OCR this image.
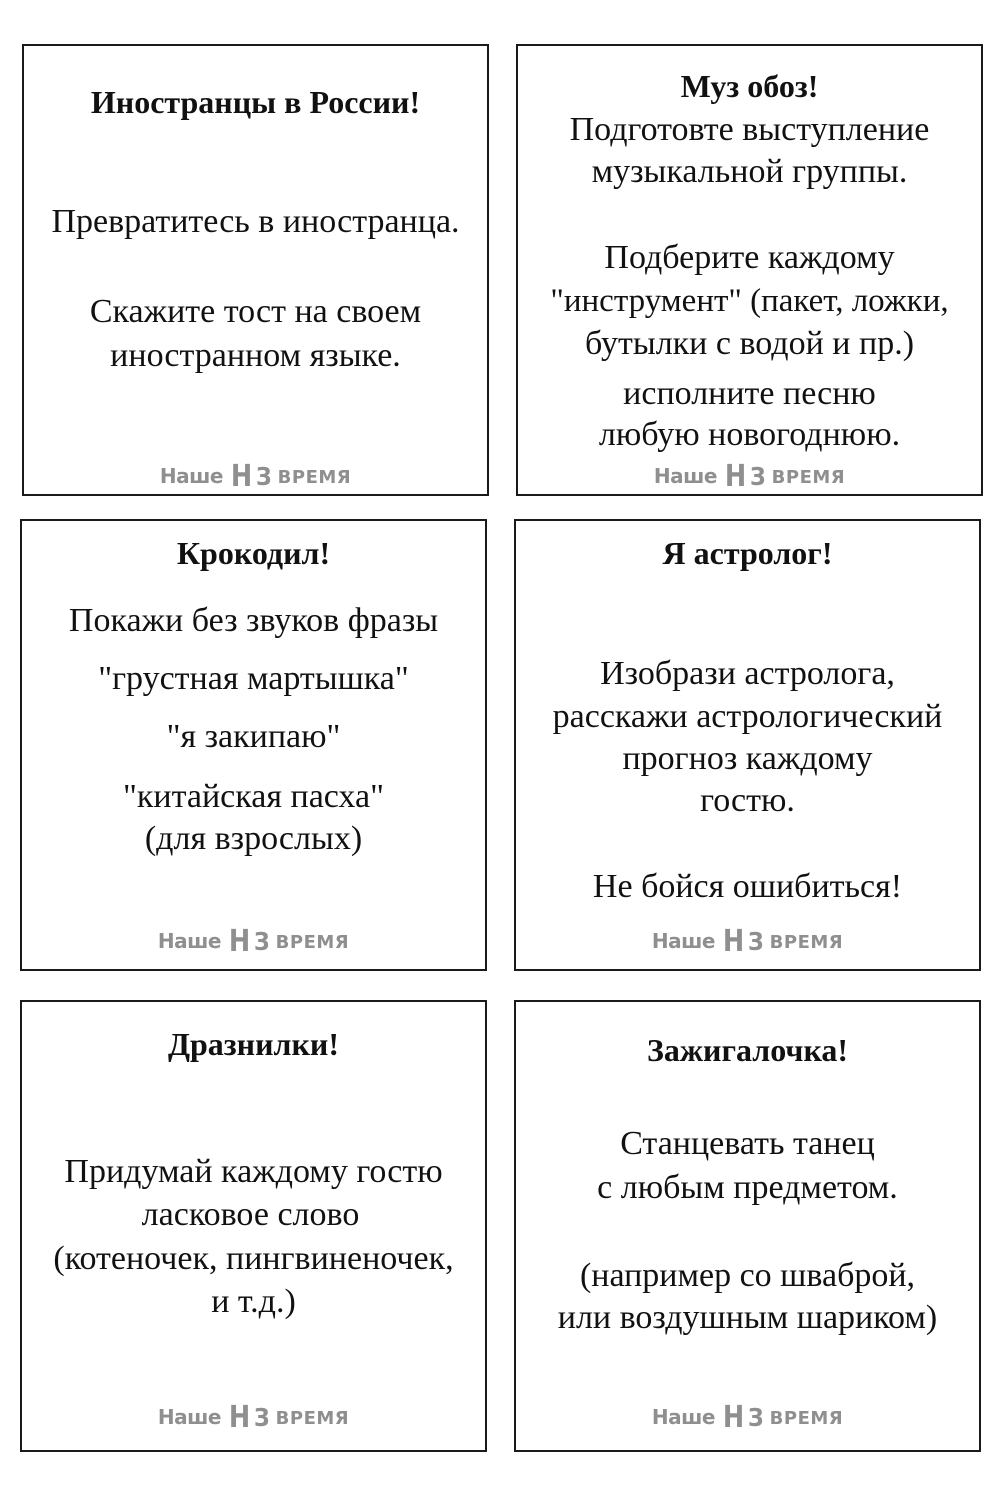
Иностранцы в России!
Превратитесь в иностранца.
Скажите тост на своем
иностранном языке.
Наше Н З ВРЕМЯ
Муз обоз!
Подготовте выступление
музыкальной группы.
Подберите каждому
"инструмент" (пакет, ложки,
бутылки с водой и пр.)
исполните песню
любую новогоднюю.
Наше Н З ВРЕМЯ
Крокодил!
Покажи без звуков фразы
"грустная мартышка"
"я закипаю"
"китайская пасха"
(для взрослых)
Наше Н З ВРЕМЯ
Я астролог!
Изобрази астролога,
расскажи астрологический
прогноз каждому
гостю.
Не бойся ошибиться!
Наше Н З ВРЕМЯ
Дразнилки!
Придумай каждому гостю
ласковое слово
(котеночек, пингвиненочек,
и т.д.)
Наше Н З ВРЕМЯ
Зажигалочка!
Станцевать танец
с любым предметом.
(например со шваброй,
или воздушным шариком)
Наше Н З ВРЕМЯ
